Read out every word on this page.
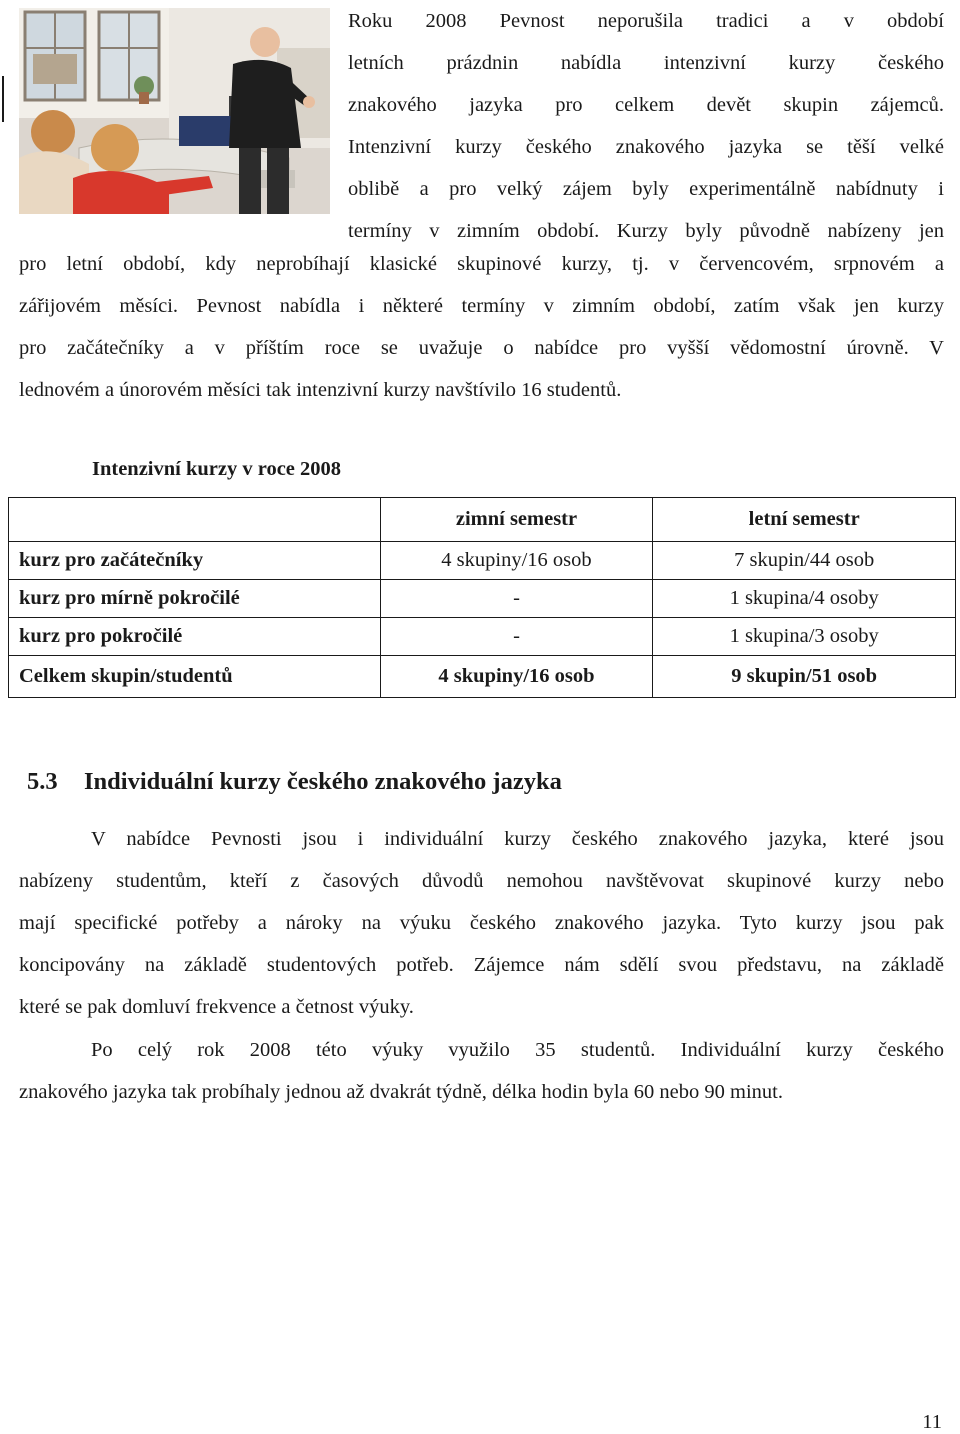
Roku 2008 Pevnost neporušila tradici a v období
letních prázdnin nabídla intenzivní kurzy českého
znakového jazyka pro celkem devět skupin zájemců.
Intenzivní kurzy českého znakového jazyka se těší velké
oblibě a pro velký zájem byly experimentálně nabídnuty i
termíny v zimním období. Kurzy byly původně nabízeny jen
pro letní období, kdy neprobíhají klasické skupinové kurzy, tj. v červencovém, srpnovém a
zářijovém měsíci. Pevnost nabídla i některé termíny v zimním období, zatím však jen kurzy
pro začátečníky a v příštím roce se uvažuje o nabídce pro vyšší vědomostní úrovně. V
lednovém a únorovém měsíci tak intenzivní kurzy navštívilo 16 studentů.
Intenzivní kurzy v roce 2008
	zimní semestr	letní semestr
kurz pro začátečníky	4 skupiny/16 osob	7 skupin/44 osob
kurz pro mírně pokročilé	-	1 skupina/4 osoby
kurz pro pokročilé	-	1 skupina/3 osoby
Celkem skupin/studentů	4 skupiny/16 osob	9 skupin/51 osob
5.3 Individuální kurzy českého znakového jazyka
V nabídce Pevnosti jsou i individuální kurzy českého znakového jazyka, které jsou
nabízeny studentům, kteří z časových důvodů nemohou navštěvovat skupinové kurzy nebo
mají specifické potřeby a nároky na výuku českého znakového jazyka. Tyto kurzy jsou pak
koncipovány na základě studentových potřeb. Zájemce nám sdělí svou představu, na základě
které se pak domluví frekvence a četnost výuky.
Po celý rok 2008 této výuky využilo 35 studentů. Individuální kurzy českého
znakového jazyka tak probíhaly jednou až dvakrát týdně, délka hodin byla 60 nebo 90 minut.
11
